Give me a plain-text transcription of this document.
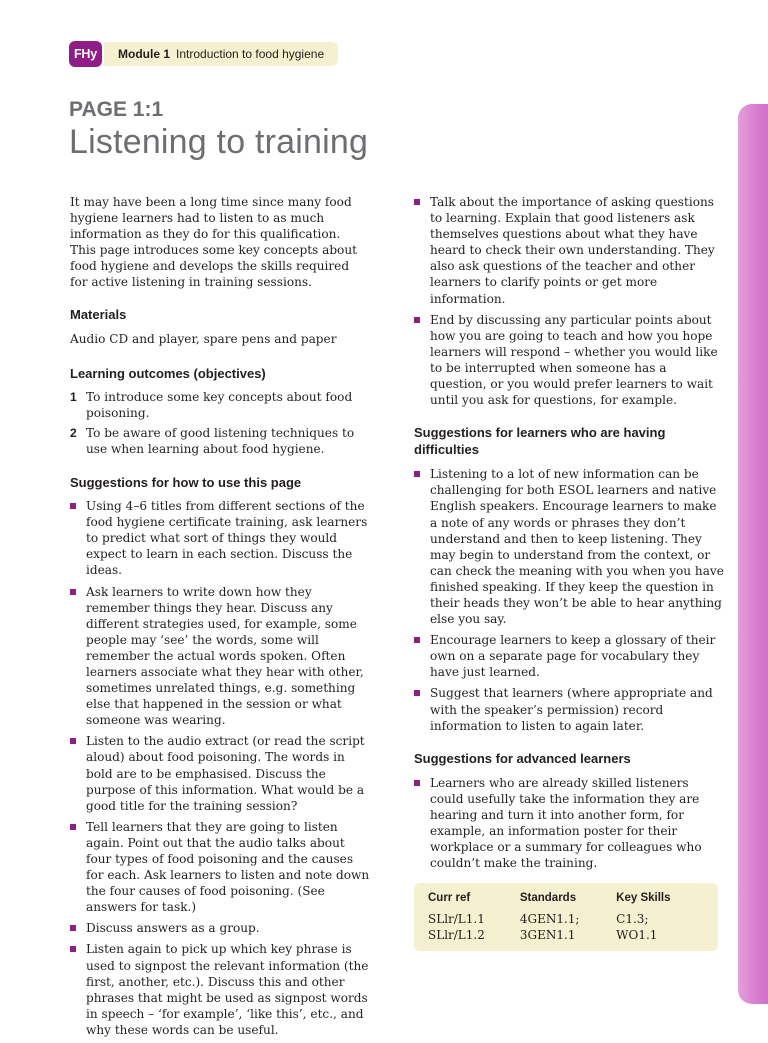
FHy	Module 1 Introduction to food hygiene
PAGE 1:1
Listening to training

It may have been a long time since many food hygiene learners had to listen to as much information as they do for this qualification. This page introduces some key concepts about food hygiene and develops the skills required for active listening in training sessions.

Materials

Audio CD and player, spare pens and paper

Learning outcomes (objectives)
1 To introduce some key concepts about food poisoning.
2 To be aware of good listening techniques to use when learning about food hygiene.
Suggestions for how to use this page
Using 4–6 titles from different sections of the food hygiene certificate training, ask learners to predict what sort of things they would expect to learn in each section. Discuss the ideas.
Ask learners to write down how they remember things they hear. Discuss any different strategies used, for example, some people may ‘see’ the words, some will remember the actual words spoken. Often learners associate what they hear with other, sometimes unrelated things, e.g. something else that happened in the session or what someone was wearing.
Listen to the audio extract (or read the script aloud) about food poisoning. The words in bold are to be emphasised. Discuss the purpose of this information. What would be a good title for the training session?
Tell learners that they are going to listen again. Point out that the audio talks about four types of food poisoning and the causes for each. Ask learners to listen and note down the four causes of food poisoning. (See answers for task.)
Discuss answers as a group.
Listen again to pick up which key phrase is used to signpost the relevant information (the first, another, etc.). Discuss this and other phrases that might be used as signpost words in speech – ‘for example’, ‘like this’, etc., and why these words can be useful.
Talk about the importance of asking questions to learning. Explain that good listeners ask themselves questions about what they have heard to check their own understanding. They also ask questions of the teacher and other learners to clarify points or get more information.
End by discussing any particular points about how you are going to teach and how you hope learners will respond – whether you would like to be interrupted when someone has a question, or you would prefer learners to wait until you ask for questions, for example.
Suggestions for learners who are having difficulties
Listening to a lot of new information can be challenging for both ESOL learners and native English speakers. Encourage learners to make a note of any words or phrases they don’t understand and then to keep listening. They may begin to understand from the context, or can check the meaning with you when you have finished speaking. If they keep the question in their heads they won’t be able to hear anything else you say.
Encourage learners to keep a glossary of their own on a separate page for vocabulary they have just learned.
Suggest that learners (where appropriate and with the speaker’s permission) record information to listen to again later.
Suggestions for advanced learners
Learners who are already skilled listeners could usefully take the information they are hearing and turn it into another form, for example, an information poster for their workplace or a summary for colleagues who couldn’t make the training.
Curr ref	Standards	Key Skills
SLlr/L1.1	4GEN1.1;	C1.3;
SLlr/L1.2	3GEN1.1	WO1.1
